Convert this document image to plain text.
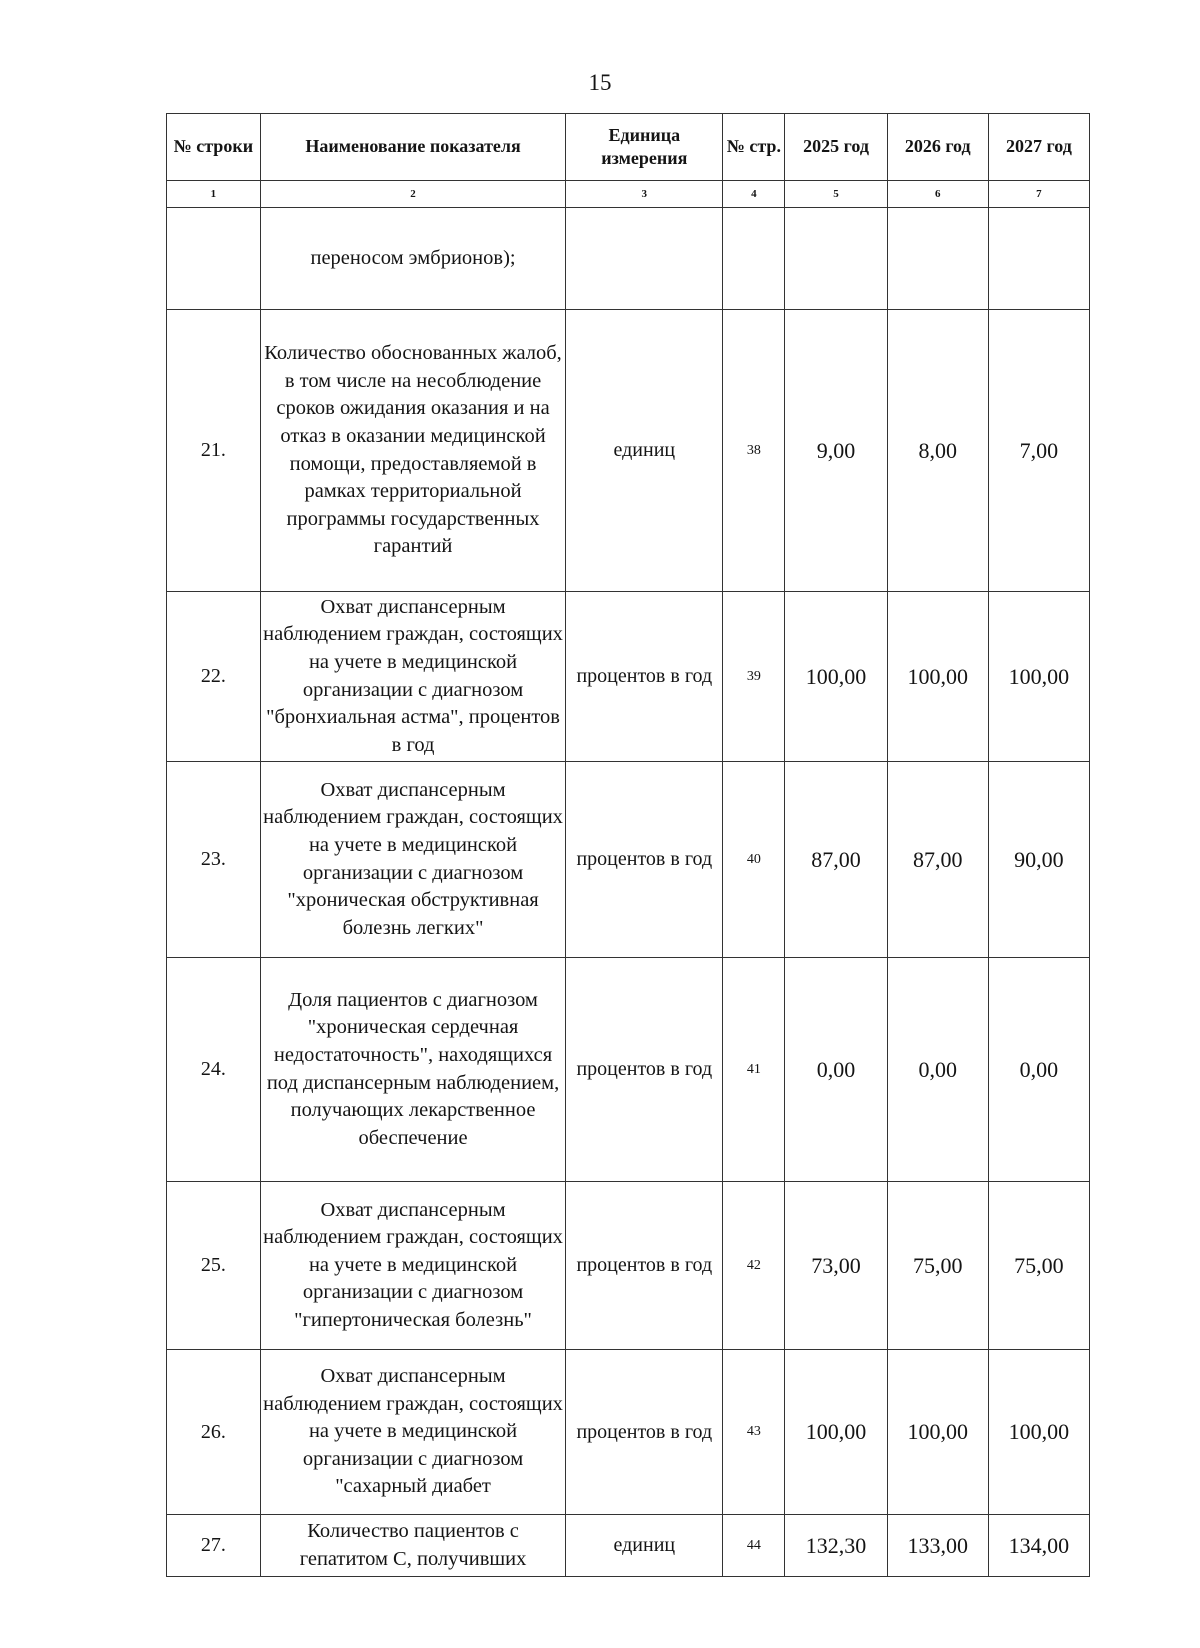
15
№ строки	Наименование показателя	Единица измерения	№ стр.	2025 год	2026 год	2027 год
1	2	3	4	5	6	7
	переносом эмбрионов);					
21.	Количество обоснованных жалоб, в том числе на несоблюдение сроков ожидания оказания и на отказ в оказании медицинской помощи, предоставляемой в рамках территориальной программы государственных гарантий	единиц	38	9,00	8,00	7,00
22.	Охват диспансерным наблюдением граждан, состоящих на учете в медицинской организации с диагнозом "бронхиальная астма", процентов в год	процентов в год	39	100,00	100,00	100,00
23.	Охват диспансерным наблюдением граждан, состоящих на учете в медицинской организации с диагнозом "хроническая обструктивная болезнь легких"	процентов в год	40	87,00	87,00	90,00
24.	Доля пациентов с диагнозом "хроническая сердечная недостаточность", находящихся под диспансерным наблюдением, получающих лекарственное обеспечение	процентов в год	41	0,00	0,00	0,00
25.	Охват диспансерным наблюдением граждан, состоящих на учете в медицинской организации с диагнозом "гипертоническая болезнь"	процентов в год	42	73,00	75,00	75,00
26.	Охват диспансерным наблюдением граждан, состоящих на учете в медицинской организации с диагнозом "сахарный диабет	процентов в год	43	100,00	100,00	100,00
27.	Количество пациентов с гепатитом С, получивших	единиц	44	132,30	133,00	134,00
